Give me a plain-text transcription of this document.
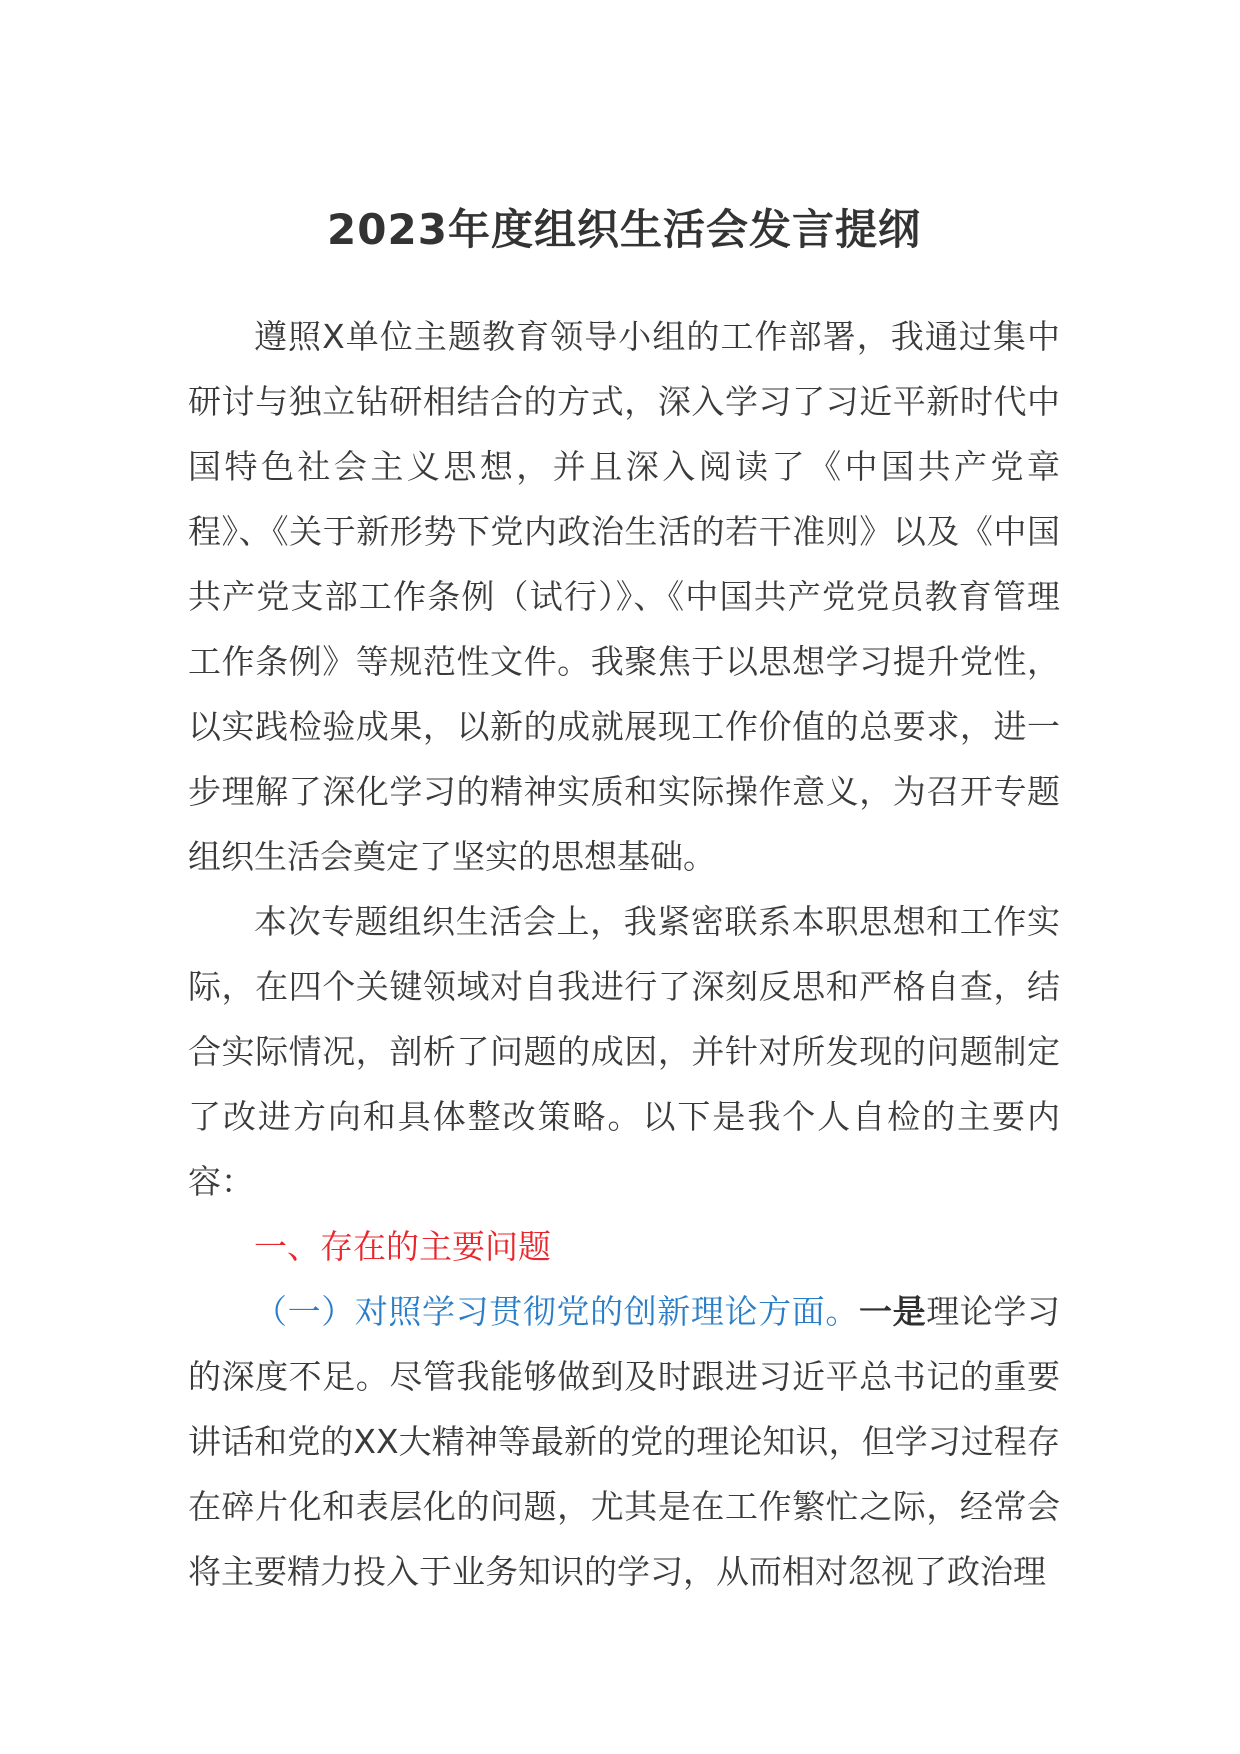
2023年度组织生活会发言提纲

遵照X单位主题教育领导小组的工作部署，我通过集中研讨与独立钻研相结合的方式，深入学习了习近平新时代中国特色社会主义思想，并且深入阅读了《中国共产党章程》、《关于新形势下党内政治生活的若干准则》以及《中国共产党支部工作条例（试行）》、《中国共产党党员教育管理工作条例》等规范性文件。我聚焦于以思想学习提升党性，以实践检验成果，以新的成就展现工作价值的总要求，进一步理解了深化学习的精神实质和实际操作意义，为召开专题组织生活会奠定了坚实的思想基础。

本次专题组织生活会上，我紧密联系本职思想和工作实际，在四个关键领域对自我进行了深刻反思和严格自查，结合实际情况，剖析了问题的成因，并针对所发现的问题制定了改进方向和具体整改策略。以下是我个人自检的主要内容：

一、存在的主要问题

（一）对照学习贯彻党的创新理论方面。一是理论学习的深度不足。尽管我能够做到及时跟进习近平总书记的重要讲话和党的XX大精神等最新的党的理论知识，但学习过程存在碎片化和表层化的问题，尤其是在工作繁忙之际，经常会将主要精力投入于业务知识的学习，从而相对忽视了政治理
